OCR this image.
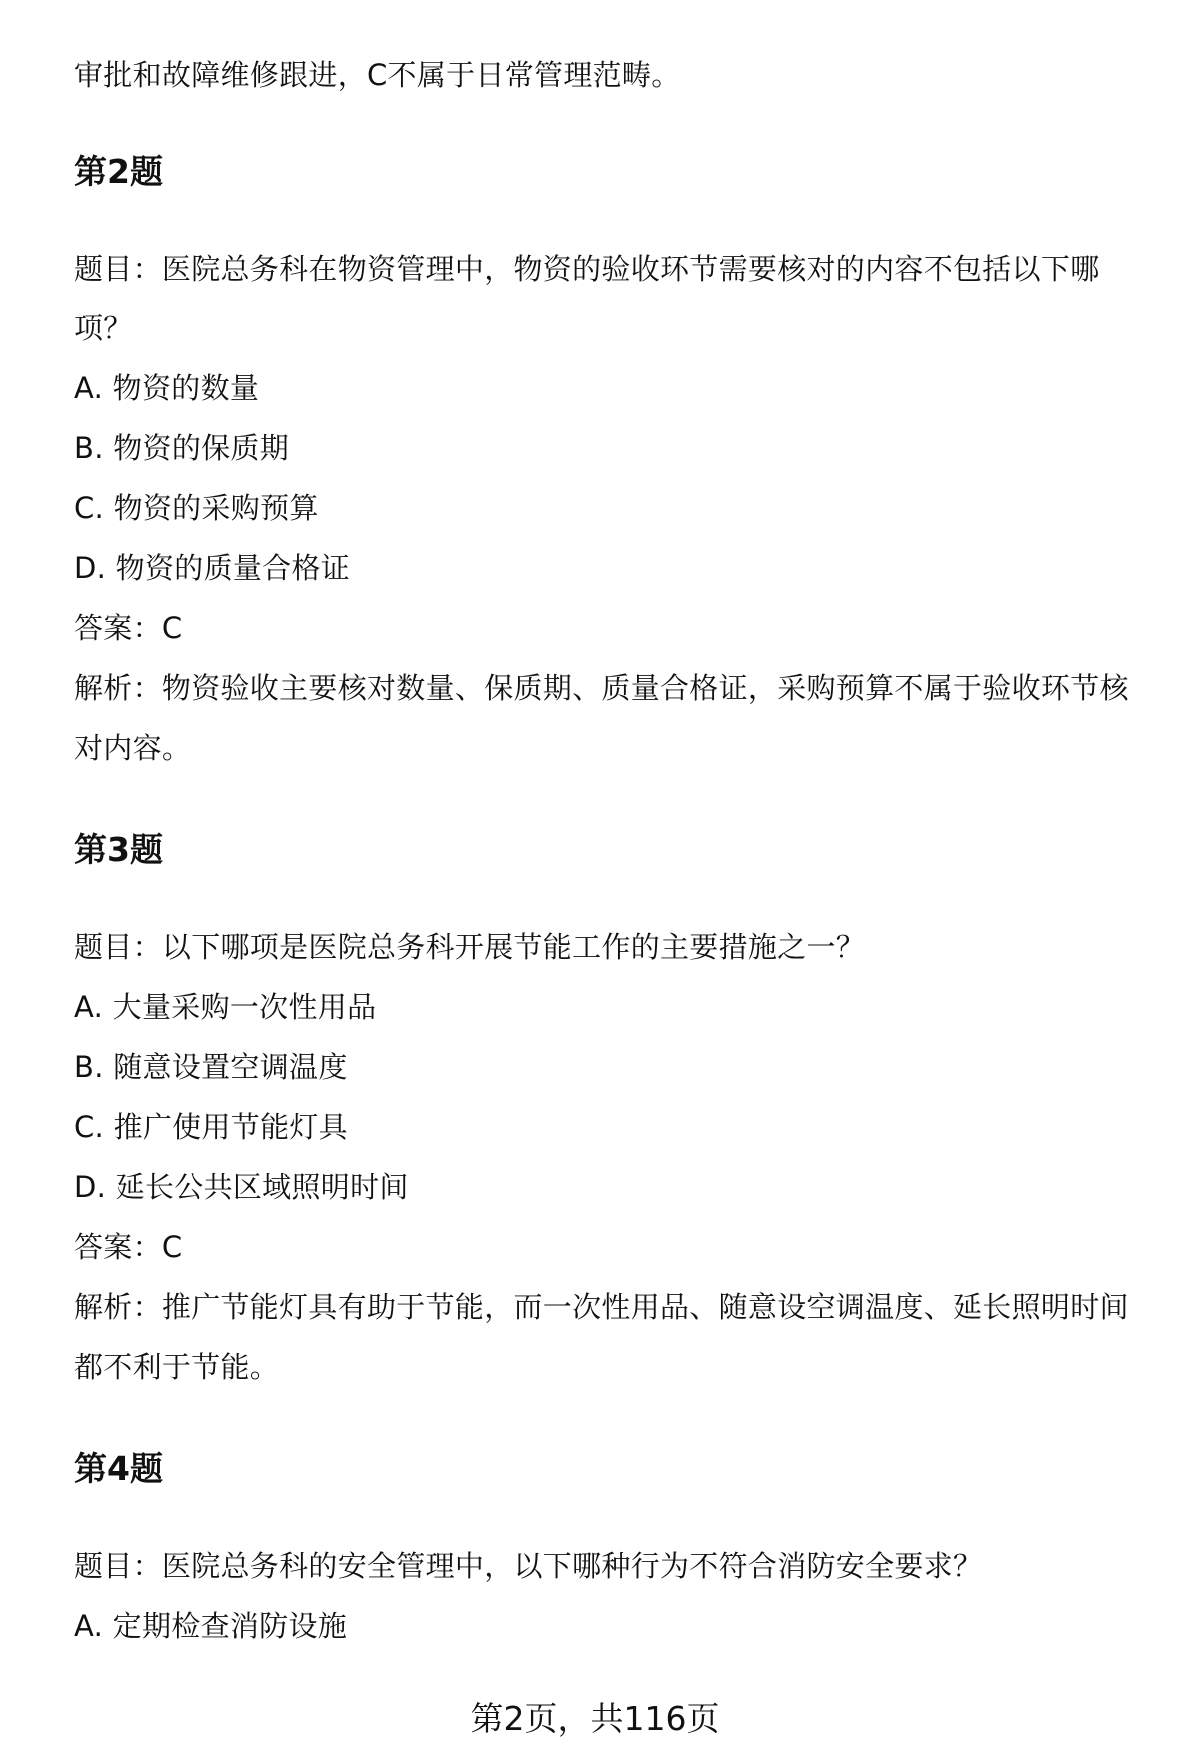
审批和故障维修跟进，C不属于日常管理范畴。
第2题
题目：医院总务科在物资管理中，物资的验收环节需要核对的内容不包括以下哪
项？
A. 物资的数量
B. 物资的保质期
C. 物资的采购预算
D. 物资的质量合格证
答案：C
解析：物资验收主要核对数量、保质期、质量合格证，采购预算不属于验收环节核
对内容。
第3题
题目：以下哪项是医院总务科开展节能工作的主要措施之一？
A. 大量采购一次性用品
B. 随意设置空调温度
C. 推广使用节能灯具
D. 延长公共区域照明时间
答案：C
解析：推广节能灯具有助于节能，而一次性用品、随意设空调温度、延长照明时间
都不利于节能。
第4题
题目：医院总务科的安全管理中，以下哪种行为不符合消防安全要求？
A. 定期检查消防设施
第2页，共116页
